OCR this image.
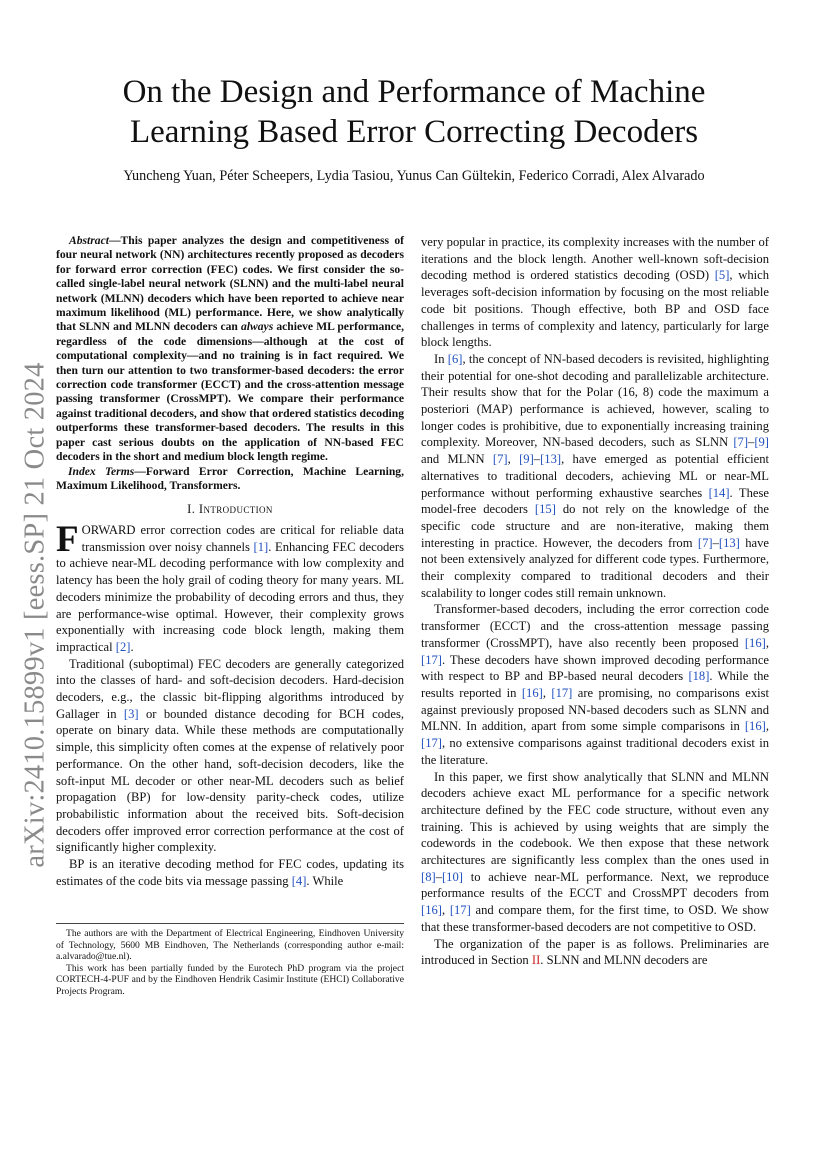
arXiv:2410.15899v1 [eess.SP] 21 Oct 2024
On the Design and Performance of Machine Learning Based Error Correcting Decoders

Yuncheng Yuan, Péter Scheepers, Lydia Tasiou, Yunus Can Gültekin, Federico Corradi, Alex Alvarado

Abstract—This paper analyzes the design and competitiveness of four neural network (NN) architectures recently proposed as decoders for forward error correction (FEC) codes. We first consider the so-called single-label neural network (SLNN) and the multi-label neural network (MLNN) decoders which have been reported to achieve near maximum likelihood (ML) performance. Here, we show analytically that SLNN and MLNN decoders can always achieve ML performance, regardless of the code dimensions—although at the cost of computational complexity—and no training is in fact required. We then turn our attention to two transformer-based decoders: the error correction code transformer (ECCT) and the cross-attention message passing transformer (CrossMPT). We compare their performance against traditional decoders, and show that ordered statistics decoding outperforms these transformer-based decoders. The results in this paper cast serious doubts on the application of NN-based FEC decoders in the short and medium block length regime.

Index Terms—Forward Error Correction, Machine Learning, Maximum Likelihood, Transformers.

I. Introduction

FORWARD error correction codes are critical for reliable data transmission over noisy channels [1]. Enhancing FEC decoders to achieve near-ML decoding performance with low complexity and latency has been the holy grail of coding theory for many years. ML decoders minimize the probability of decoding errors and thus, they are performance-wise optimal. However, their complexity grows exponentially with increasing code block length, making them impractical [2].

Traditional (suboptimal) FEC decoders are generally categorized into the classes of hard- and soft-decision decoders. Hard-decision decoders, e.g., the classic bit-flipping algorithms introduced by Gallager in [3] or bounded distance decoding for BCH codes, operate on binary data. While these methods are computationally simple, this simplicity often comes at the expense of relatively poor performance. On the other hand, soft-decision decoders, like the soft-input ML decoder or other near-ML decoders such as belief propagation (BP) for low-density parity-check codes, utilize probabilistic information about the received bits. Soft-decision decoders offer improved error correction performance at the cost of significantly higher complexity.

BP is an iterative decoding method for FEC codes, updating its estimates of the code bits via message passing [4]. While

The authors are with the Department of Electrical Engineering, Eindhoven University of Technology, 5600 MB Eindhoven, The Netherlands (corresponding author e-mail: a.alvarado@tue.nl).

This work has been partially funded by the Eurotech PhD program via the project CORTECH-4-PUF and by the Eindhoven Hendrik Casimir Institute (EHCI) Collaborative Projects Program.

very popular in practice, its complexity increases with the number of iterations and the block length. Another well-known soft-decision decoding method is ordered statistics decoding (OSD) [5], which leverages soft-decision information by focusing on the most reliable code bit positions. Though effective, both BP and OSD face challenges in terms of complexity and latency, particularly for large block lengths.

In [6], the concept of NN-based decoders is revisited, highlighting their potential for one-shot decoding and parallelizable architecture. Their results show that for the Polar (16, 8) code the maximum a posteriori (MAP) performance is achieved, however, scaling to longer codes is prohibitive, due to exponentially increasing training complexity. Moreover, NN-based decoders, such as SLNN [7]–[9] and MLNN [7], [9]–[13], have emerged as potential efficient alternatives to traditional decoders, achieving ML or near-ML performance without performing exhaustive searches [14]. These model-free decoders [15] do not rely on the knowledge of the specific code structure and are non-iterative, making them interesting in practice. However, the decoders from [7]–[13] have not been extensively analyzed for different code types. Furthermore, their complexity compared to traditional decoders and their scalability to longer codes still remain unknown.

Transformer-based decoders, including the error correction code transformer (ECCT) and the cross-attention message passing transformer (CrossMPT), have also recently been proposed [16], [17]. These decoders have shown improved decoding performance with respect to BP and BP-based neural decoders [18]. While the results reported in [16], [17] are promising, no comparisons exist against previously proposed NN-based decoders such as SLNN and MLNN. In addition, apart from some simple comparisons in [16], [17], no extensive comparisons against traditional decoders exist in the literature.

In this paper, we first show analytically that SLNN and MLNN decoders achieve exact ML performance for a specific network architecture defined by the FEC code structure, without even any training. This is achieved by using weights that are simply the codewords in the codebook. We then expose that these network architectures are significantly less complex than the ones used in [8]–[10] to achieve near-ML performance. Next, we reproduce performance results of the ECCT and CrossMPT decoders from [16], [17] and compare them, for the first time, to OSD. We show that these transformer-based decoders are not competitive to OSD.

The organization of the paper is as follows. Preliminaries are introduced in Section II. SLNN and MLNN decoders are
